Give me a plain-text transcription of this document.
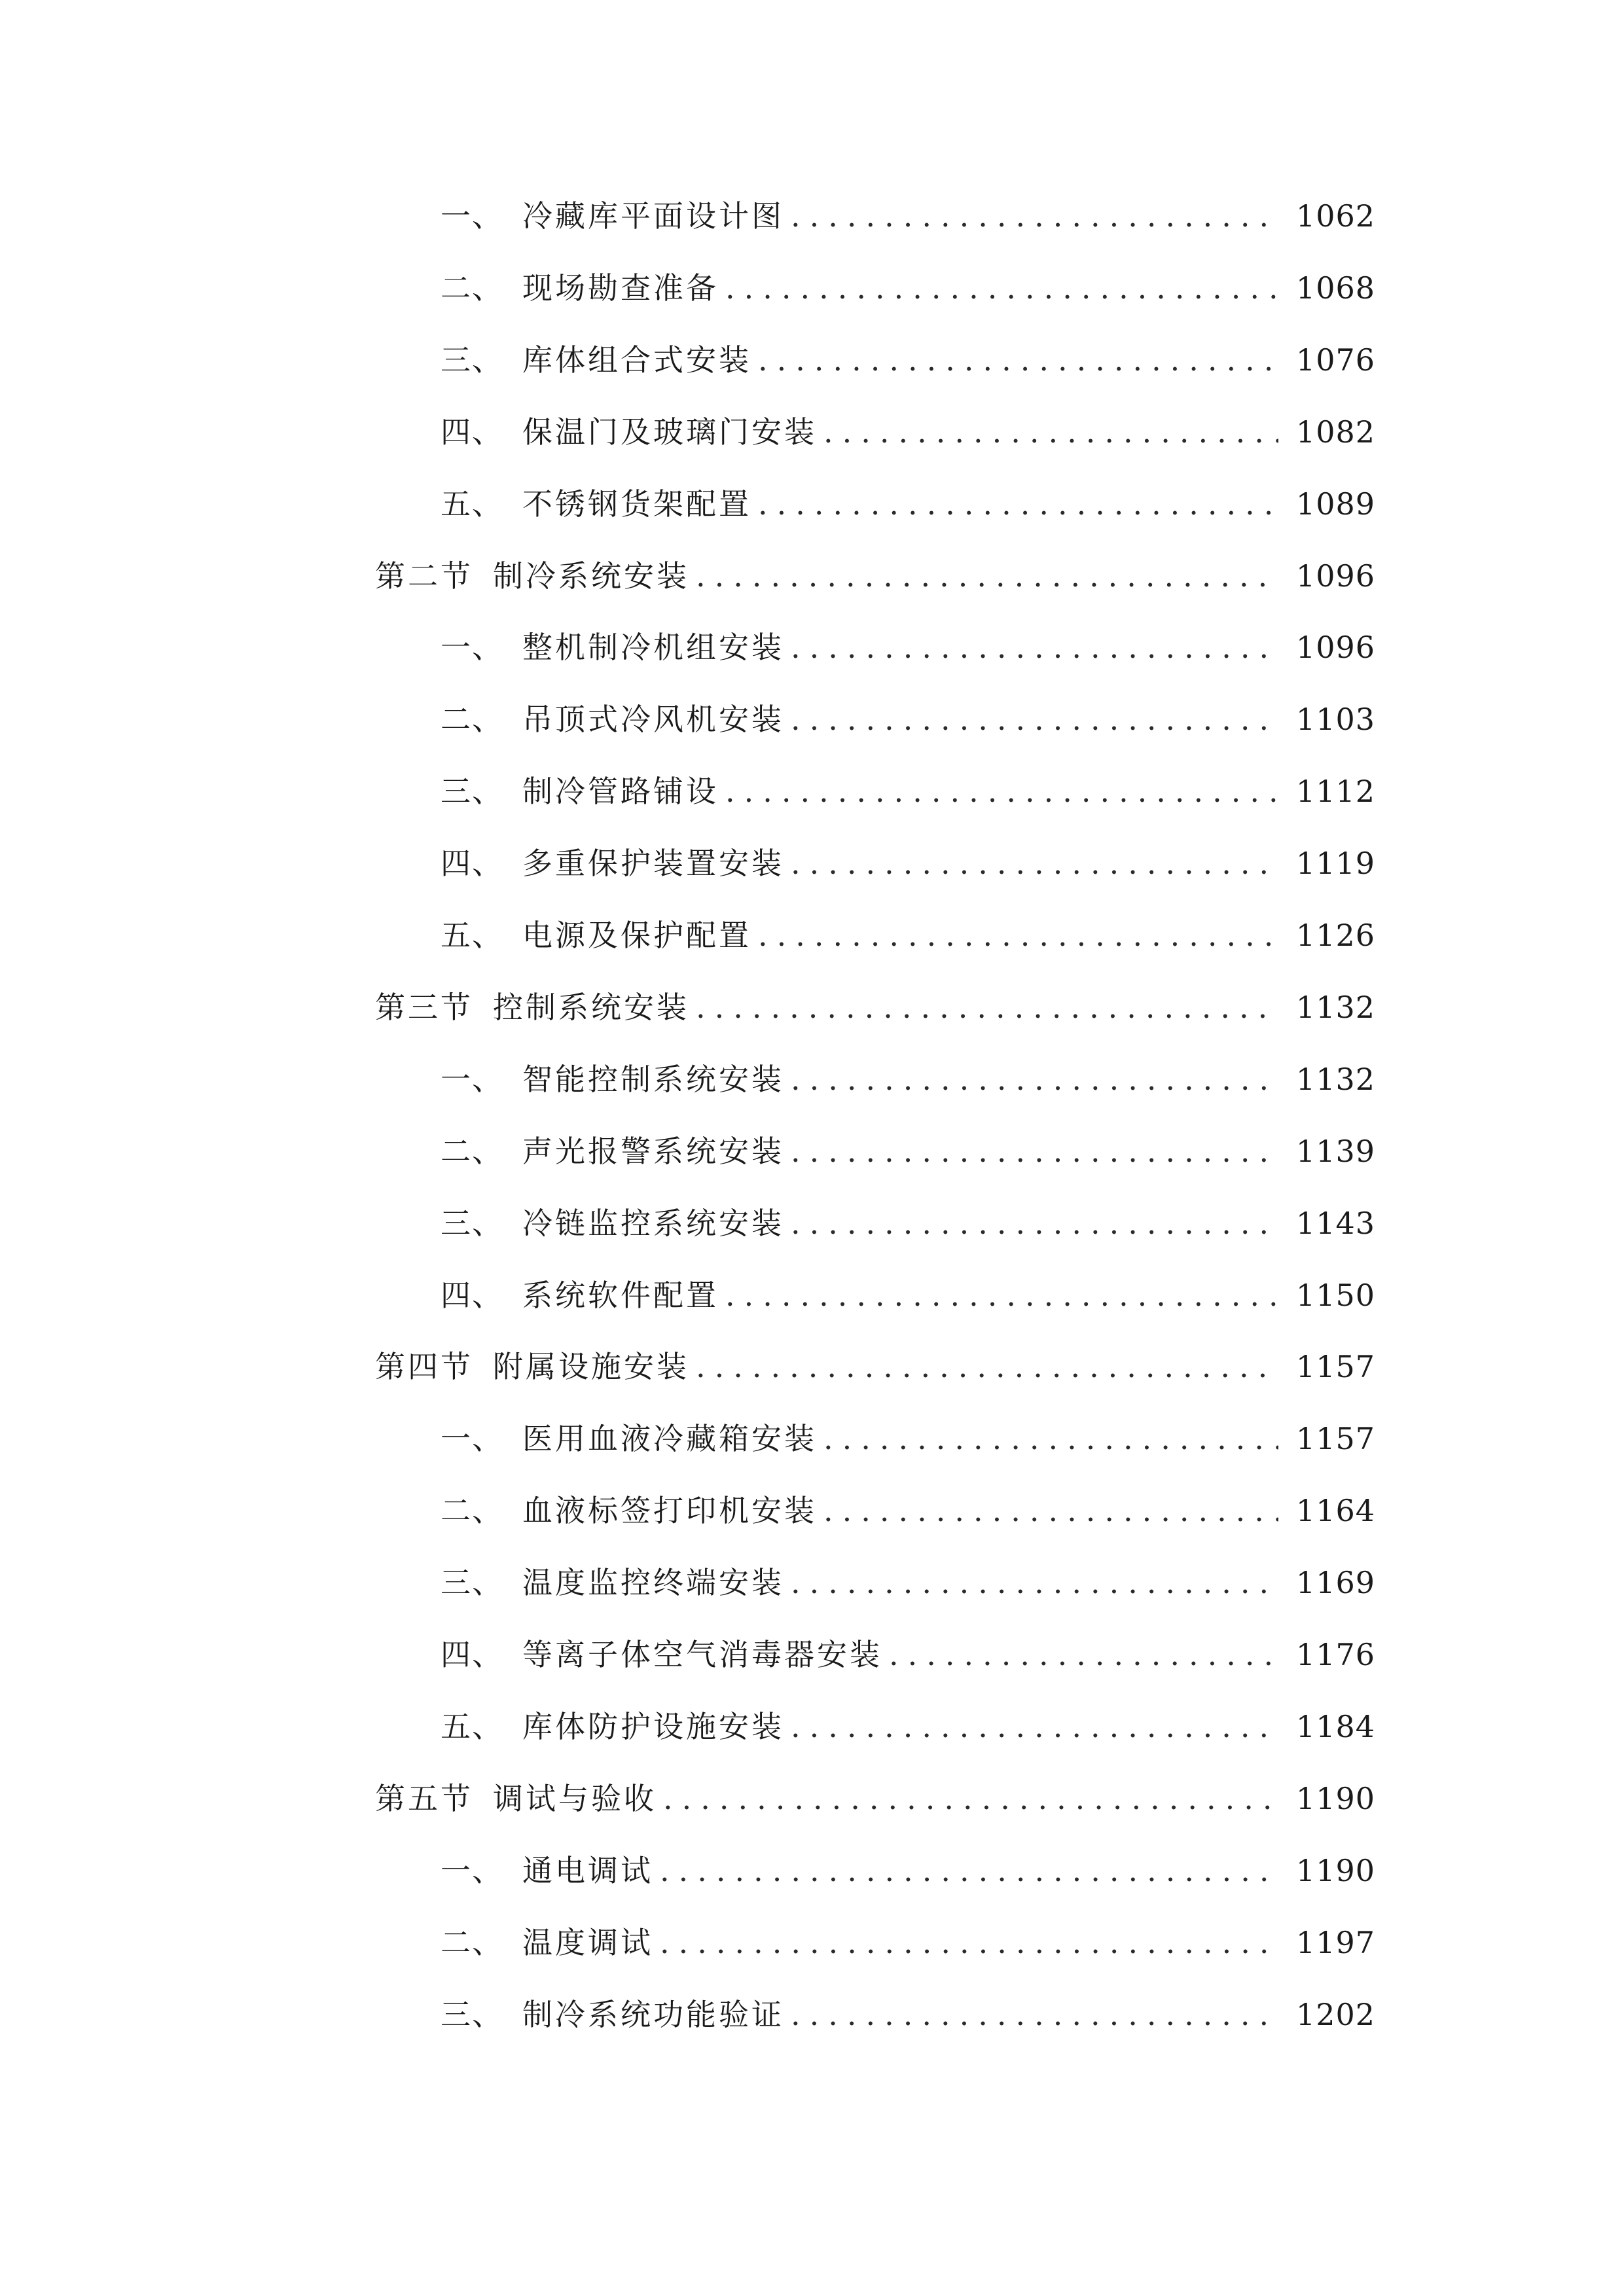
一、 冷藏库平面设计图 .....	1062
二、 现场勘查准备 .....	1068
三、 库体组合式安装 .....	1076
四、 保温门及玻璃门安装 .....	1082
五、 不锈钢货架配置 .....	1089
第二节 制冷系统安装 .....	1096
一、 整机制冷机组安装 .....	1096
二、 吊顶式冷风机安装 .....	1103
三、 制冷管路铺设 .....	1112
四、 多重保护装置安装 .....	1119
五、 电源及保护配置 .....	1126
第三节 控制系统安装 .....	1132
一、 智能控制系统安装 .....	1132
二、 声光报警系统安装 .....	1139
三、 冷链监控系统安装 .....	1143
四、 系统软件配置 .....	1150
第四节 附属设施安装 .....	1157
一、 医用血液冷藏箱安装 .....	1157
二、 血液标签打印机安装 .....	1164
三、 温度监控终端安装 .....	1169
四、 等离子体空气消毒器安装 .....	1176
五、 库体防护设施安装 .....	1184
第五节 调试与验收 .....	1190
一、 通电调试 .....	1190
二、 温度调试 .....	1197
三、 制冷系统功能验证 .....	1202
